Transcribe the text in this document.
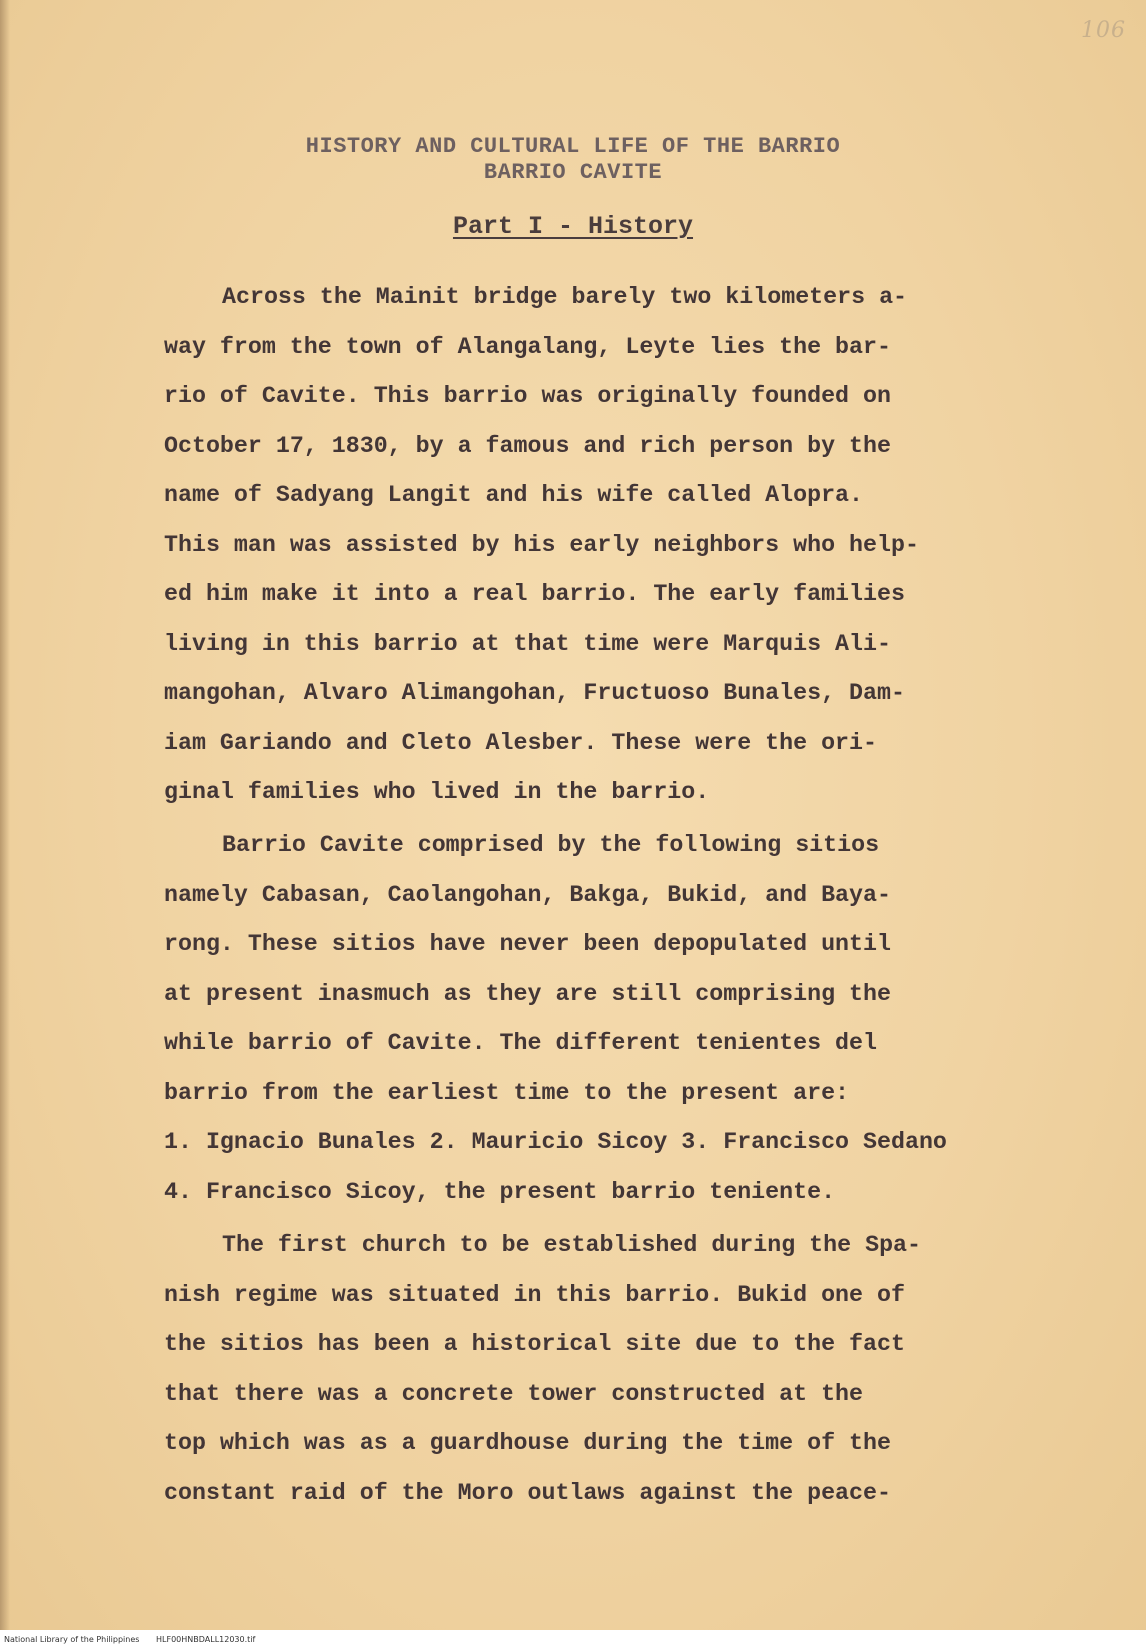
106
HISTORY AND CULTURAL LIFE OF THE BARRIO
BARRIO CAVITE
Part I - History
Across the Mainit bridge barely two kilometers a-
way from the town of Alangalang, Leyte lies the bar-
rio of Cavite. This barrio was originally founded on
October 17, 1830, by a famous and rich person by the
name of Sadyang Langit and his wife called Alopra.
This man was assisted by his early neighbors who help-
ed him make it into a real barrio. The early families
living in this barrio at that time were Marquis Ali-
mangohan, Alvaro Alimangohan, Fructuoso Bunales, Dam-
iam Gariando and Cleto Alesber. These were the ori-
ginal families who lived in the barrio.
Barrio Cavite comprised by the following sitios
namely Cabasan, Caolangohan, Bakga, Bukid, and Baya-
rong. These sitios have never been depopulated until
at present inasmuch as they are still comprising the
while barrio of Cavite. The different tenientes del
barrio from the earliest time to the present are:
1. Ignacio Bunales 2. Mauricio Sicoy 3. Francisco Sedano
4. Francisco Sicoy, the present barrio teniente.
The first church to be established during the Spa-
nish regime was situated in this barrio. Bukid one of
the sitios has been a historical site due to the fact
that there was a concrete tower constructed at the
top which was as a guardhouse during the time of the
constant raid of the Moro outlaws against the peace-
National Library of the Philippines HLF00HNBDALL12030.tif
